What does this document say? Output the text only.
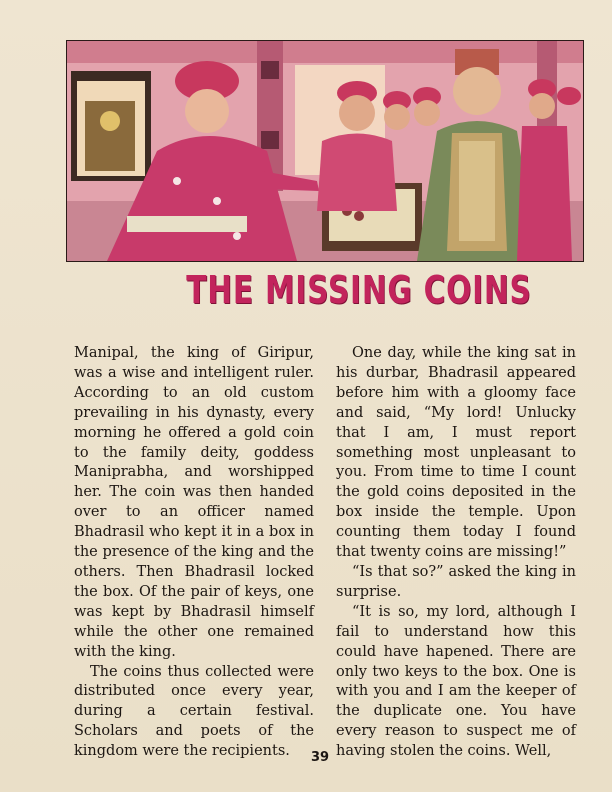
THE MISSING COINS

Manipal, the king of Giripur, was a wise and intelligent ruler. According to an old custom prevailing in his dynasty, every morning he offered a gold coin to the family deity, goddess Maniprabha, and worshipped her. The coin was then handed over to an officer named Bhadrasil who kept it in a box in the presence of the king and the others. Then Bhadrasil locked the box. Of the pair of keys, one was kept by Bhadrasil himself while the other one remained with the king.

The coins thus collected were distributed once every year, during a certain festival. Scholars and poets of the kingdom were the recipients.

One day, while the king sat in his durbar, Bhadrasil appeared before him with a gloomy face and said, “My lord! Unlucky that I am, I must report something most unpleasant to you. From time to time I count the gold coins deposited in the box inside the temple. Upon counting them today I found that twenty coins are missing!”

“Is that so?” asked the king in surprise.

“It is so, my lord, although I fail to understand how this could have hapened. There are only two keys to the box. One is with you and I am the keeper of the duplicate one. You have every reason to suspect me of having stolen the coins. Well,

39
